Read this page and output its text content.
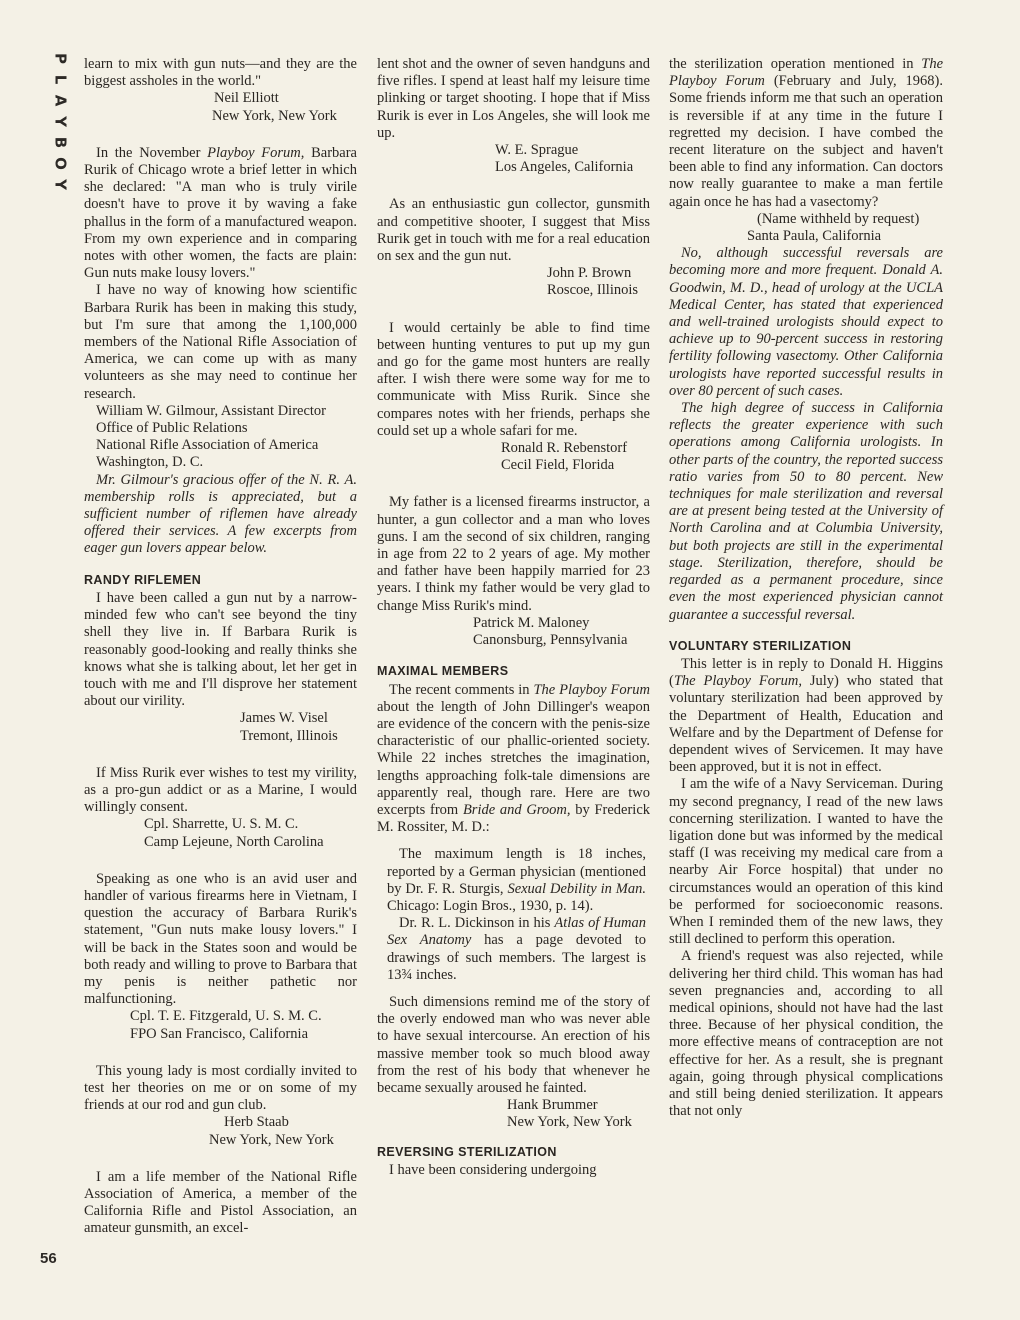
P
L
A
Y
B
O
Y
56

learn to mix with gun nuts—and they are the biggest assholes in the world."

Neil Elliott
New York, New York

In the November Playboy Forum, Barbara Rurik of Chicago wrote a brief letter in which she declared: "A man who is truly virile doesn't have to prove it by waving a fake phallus in the form of a manufactured weapon. From my own experience and in comparing notes with other women, the facts are plain: Gun nuts make lousy lovers."

I have no way of knowing how scientific Barbara Rurik has been in making this study, but I'm sure that among the 1,100,000 members of the National Rifle Association of America, we can come up with as many volunteers as she may need to continue her research.

William W. Gilmour, Assistant Director
Office of Public Relations
National Rifle Association of America
Washington, D. C.

Mr. Gilmour's gracious offer of the N. R. A. membership rolls is appreciated, but a sufficient number of riflemen have already offered their services. A few excerpts from eager gun lovers appear below.

RANDY RIFLEMEN

I have been called a gun nut by a narrow-minded few who can't see beyond the tiny shell they live in. If Barbara Rurik is reasonably good-looking and really thinks she knows what she is talking about, let her get in touch with me and I'll disprove her statement about our virility.

James W. Visel
Tremont, Illinois

If Miss Rurik ever wishes to test my virility, as a pro-gun addict or as a Marine, I would willingly consent.

Cpl. Sharrette, U. S. M. C.
Camp Lejeune, North Carolina

Speaking as one who is an avid user and handler of various firearms here in Vietnam, I question the accuracy of Barbara Rurik's statement, "Gun nuts make lousy lovers." I will be back in the States soon and would be both ready and willing to prove to Barbara that my penis is neither pathetic nor malfunctioning.

Cpl. T. E. Fitzgerald, U. S. M. C.
FPO San Francisco, California

This young lady is most cordially invited to test her theories on me or on some of my friends at our rod and gun club.

Herb Staab
New York, New York

I am a life member of the National Rifle Association of America, a member of the California Rifle and Pistol Association, an amateur gunsmith, an excel-

lent shot and the owner of seven handguns and five rifles. I spend at least half my leisure time plinking or target shooting. I hope that if Miss Rurik is ever in Los Angeles, she will look me up.

W. E. Sprague
Los Angeles, California

As an enthusiastic gun collector, gunsmith and competitive shooter, I suggest that Miss Rurik get in touch with me for a real education on sex and the gun nut.

John P. Brown
Roscoe, Illinois

I would certainly be able to find time between hunting ventures to put up my gun and go for the game most hunters are really after. I wish there were some way for me to communicate with Miss Rurik. Since she compares notes with her friends, perhaps she could set up a whole safari for me.

Ronald R. Rebenstorf
Cecil Field, Florida

My father is a licensed firearms instructor, a hunter, a gun collector and a man who loves guns. I am the second of six children, ranging in age from 22 to 2 years of age. My mother and father have been happily married for 23 years. I think my father would be very glad to change Miss Rurik's mind.

Patrick M. Maloney
Canonsburg, Pennsylvania
MAXIMAL MEMBERS

The recent comments in The Playboy Forum about the length of John Dillinger's weapon are evidence of the concern with the penis-size characteristic of our phallic-oriented society. While 22 inches stretches the imagination, lengths approaching folk-tale dimensions are apparently real, though rare. Here are two excerpts from Bride and Groom, by Frederick M. Rossiter, M. D.:

The maximum length is 18 inches, reported by a German physician (mentioned by Dr. F. R. Sturgis, Sexual Debility in Man. Chicago: Login Bros., 1930, p. 14).

Dr. R. L. Dickinson in his Atlas of Human Sex Anatomy has a page devoted to drawings of such members. The largest is 13¾ inches.

Such dimensions remind me of the story of the overly endowed man who was never able to have sexual intercourse. An erection of his massive member took so much blood away from the rest of his body that whenever he became sexually aroused he fainted.

Hank Brummer
New York, New York
REVERSING STERILIZATION

I have been considering undergoing

the sterilization operation mentioned in The Playboy Forum (February and July, 1968). Some friends inform me that such an operation is reversible if at any time in the future I regretted my decision. I have combed the recent literature on the subject and haven't been able to find any information. Can doctors now really guarantee to make a man fertile again once he has had a vasectomy?

(Name withheld by request)
Santa Paula, California

No, although successful reversals are becoming more and more frequent. Donald A. Goodwin, M. D., head of urology at the UCLA Medical Center, has stated that experienced and well-trained urologists should expect to achieve up to 90-percent success in restoring fertility following vasectomy. Other California urologists have reported successful results in over 80 percent of such cases.

The high degree of success in California reflects the greater experience with such operations among California urologists. In other parts of the country, the reported success ratio varies from 50 to 80 percent. New techniques for male sterilization and reversal are at present being tested at the University of North Carolina and at Columbia University, but both projects are still in the experimental stage. Sterilization, therefore, should be regarded as a permanent procedure, since even the most experienced physician cannot guarantee a successful reversal.

VOLUNTARY STERILIZATION

This letter is in reply to Donald H. Higgins (The Playboy Forum, July) who stated that voluntary sterilization had been approved by the Department of Health, Education and Welfare and by the Department of Defense for dependent wives of Servicemen. It may have been approved, but it is not in effect.

I am the wife of a Navy Serviceman. During my second pregnancy, I read of the new laws concerning sterilization. I wanted to have the ligation done but was informed by the medical staff (I was receiving my medical care from a nearby Air Force hospital) that under no circumstances would an operation of this kind be performed for socioeconomic reasons. When I reminded them of the new laws, they still declined to perform this operation.

A friend's request was also rejected, while delivering her third child. This woman has had seven pregnancies and, according to all medical opinions, should not have had the last three. Because of her physical condition, the more effective means of contraception are not effective for her. As a result, she is pregnant again, going through physical complications and still being denied sterilization. It appears that not only
